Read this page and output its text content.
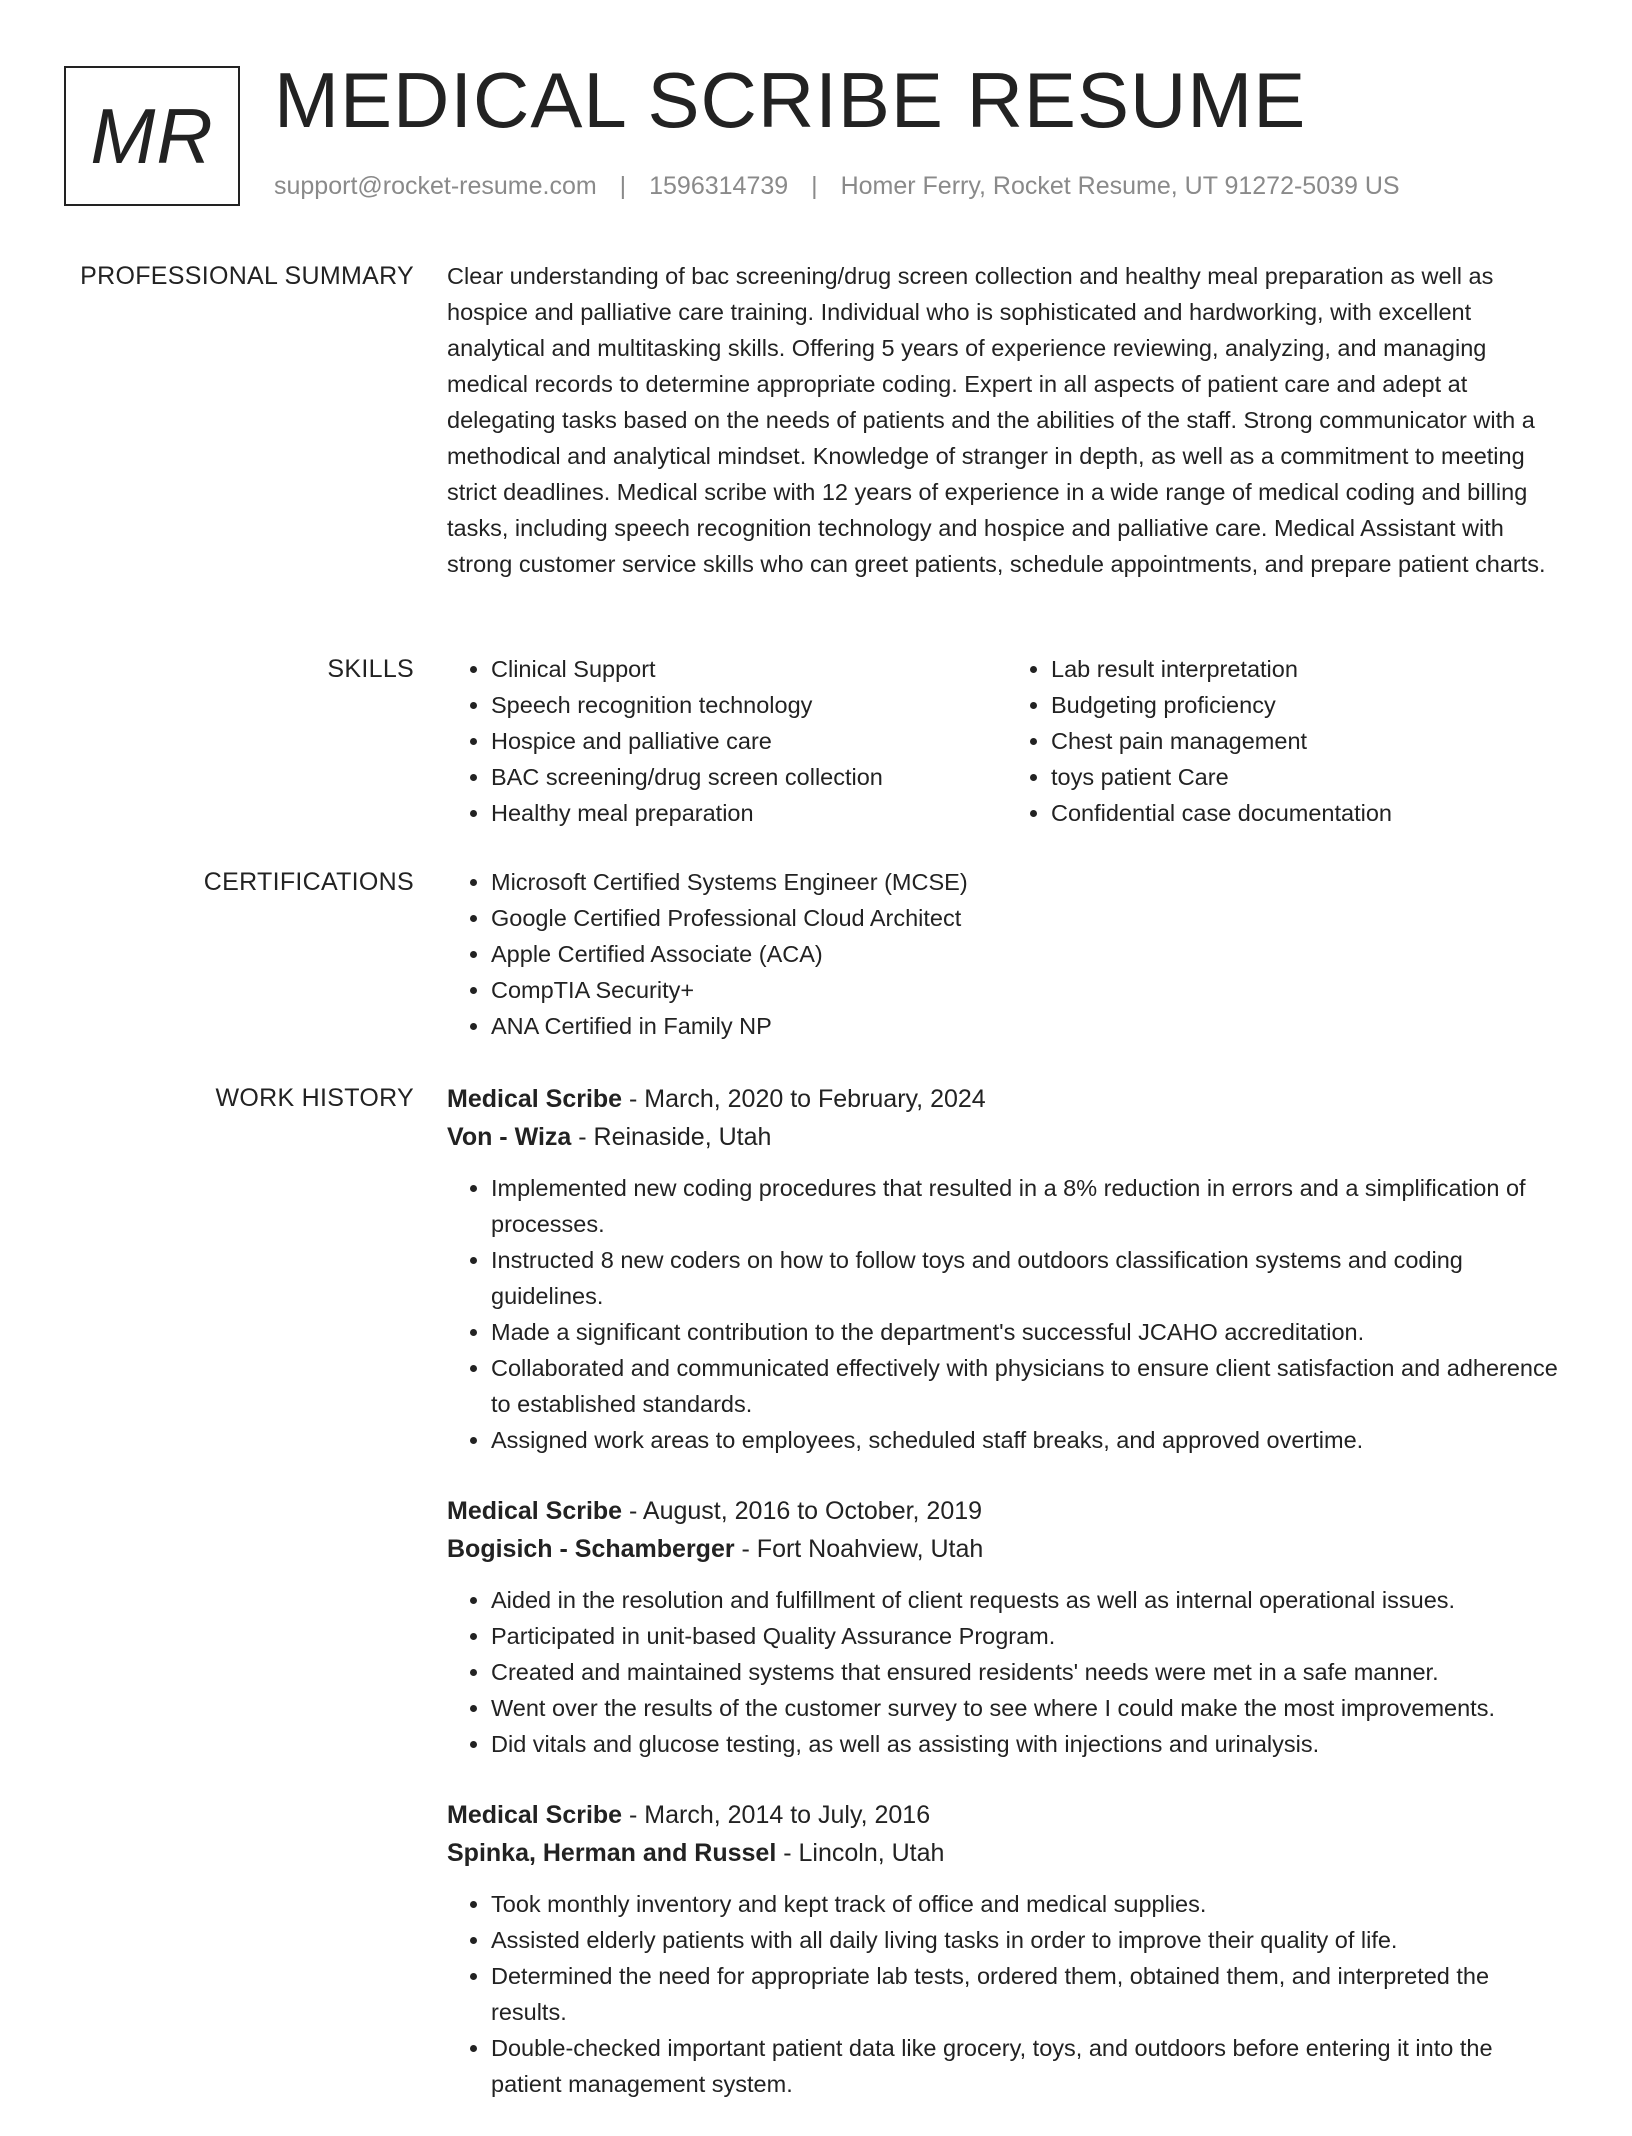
MR MEDICAL SCRIBE RESUME
support@rocket-resume.com | 1596314739 | Homer Ferry, Rocket Resume, UT 91272-5039 US
PROFESSIONAL SUMMARY Clear understanding of bac screening/drug screen collection and healthy meal preparation as well as hospice and palliative care training. Individual who is sophisticated and hardworking, with excellent analytical and multitasking skills. Offering 5 years of experience reviewing, analyzing, and managing medical records to determine appropriate coding. Expert in all aspects of patient care and adept at delegating tasks based on the needs of patients and the abilities of the staff. Strong communicator with a methodical and analytical mindset. Knowledge of stranger in depth, as well as a commitment to meeting strict deadlines. Medical scribe with 12 years of experience in a wide range of medical coding and billing tasks, including speech recognition technology and hospice and palliative care. Medical Assistant with strong customer service skills who can greet patients, schedule appointments, and prepare patient charts.

SKILLS	• Clinical Support
• Speech recognition technology
• Hospice and palliative care
• BAC screening/drug screen collection
• Healthy meal preparation
• Lab result interpretation
• Budgeting proficiency
• Chest pain management
• toys patient Care
• Confidential case documentation
CERTIFICATIONS	• Microsoft Certified Systems Engineer (MCSE)
• Google Certified Professional Cloud Architect
• Apple Certified Associate (ACA)
• CompTIA Security+
• ANA Certified in Family NP
WORK HISTORY Medical Scribe - March, 2020 to February, 2024
Von - Wiza - Reinaside, Utah
• Implemented new coding procedures that resulted in a 8% reduction in errors and a simplification of processes.
• Instructed 8 new coders on how to follow toys and outdoors classification systems and coding guidelines.
• Made a significant contribution to the department's successful JCAHO accreditation.
• Collaborated and communicated effectively with physicians to ensure client satisfaction and adherence to established standards.
• Assigned work areas to employees, scheduled staff breaks, and approved overtime.
Medical Scribe - August, 2016 to October, 2019
Bogisich - Schamberger - Fort Noahview, Utah
• Aided in the resolution and fulfillment of client requests as well as internal operational issues.
• Participated in unit-based Quality Assurance Program.
• Created and maintained systems that ensured residents' needs were met in a safe manner.
• Went over the results of the customer survey to see where I could make the most improvements.
• Did vitals and glucose testing, as well as assisting with injections and urinalysis.
Medical Scribe - March, 2014 to July, 2016
Spinka, Herman and Russel - Lincoln, Utah
• Took monthly inventory and kept track of office and medical supplies.
• Assisted elderly patients with all daily living tasks in order to improve their quality of life.
• Determined the need for appropriate lab tests, ordered them, obtained them, and interpreted the results.
• Double-checked important patient data like grocery, toys, and outdoors before entering it into the patient management system.
